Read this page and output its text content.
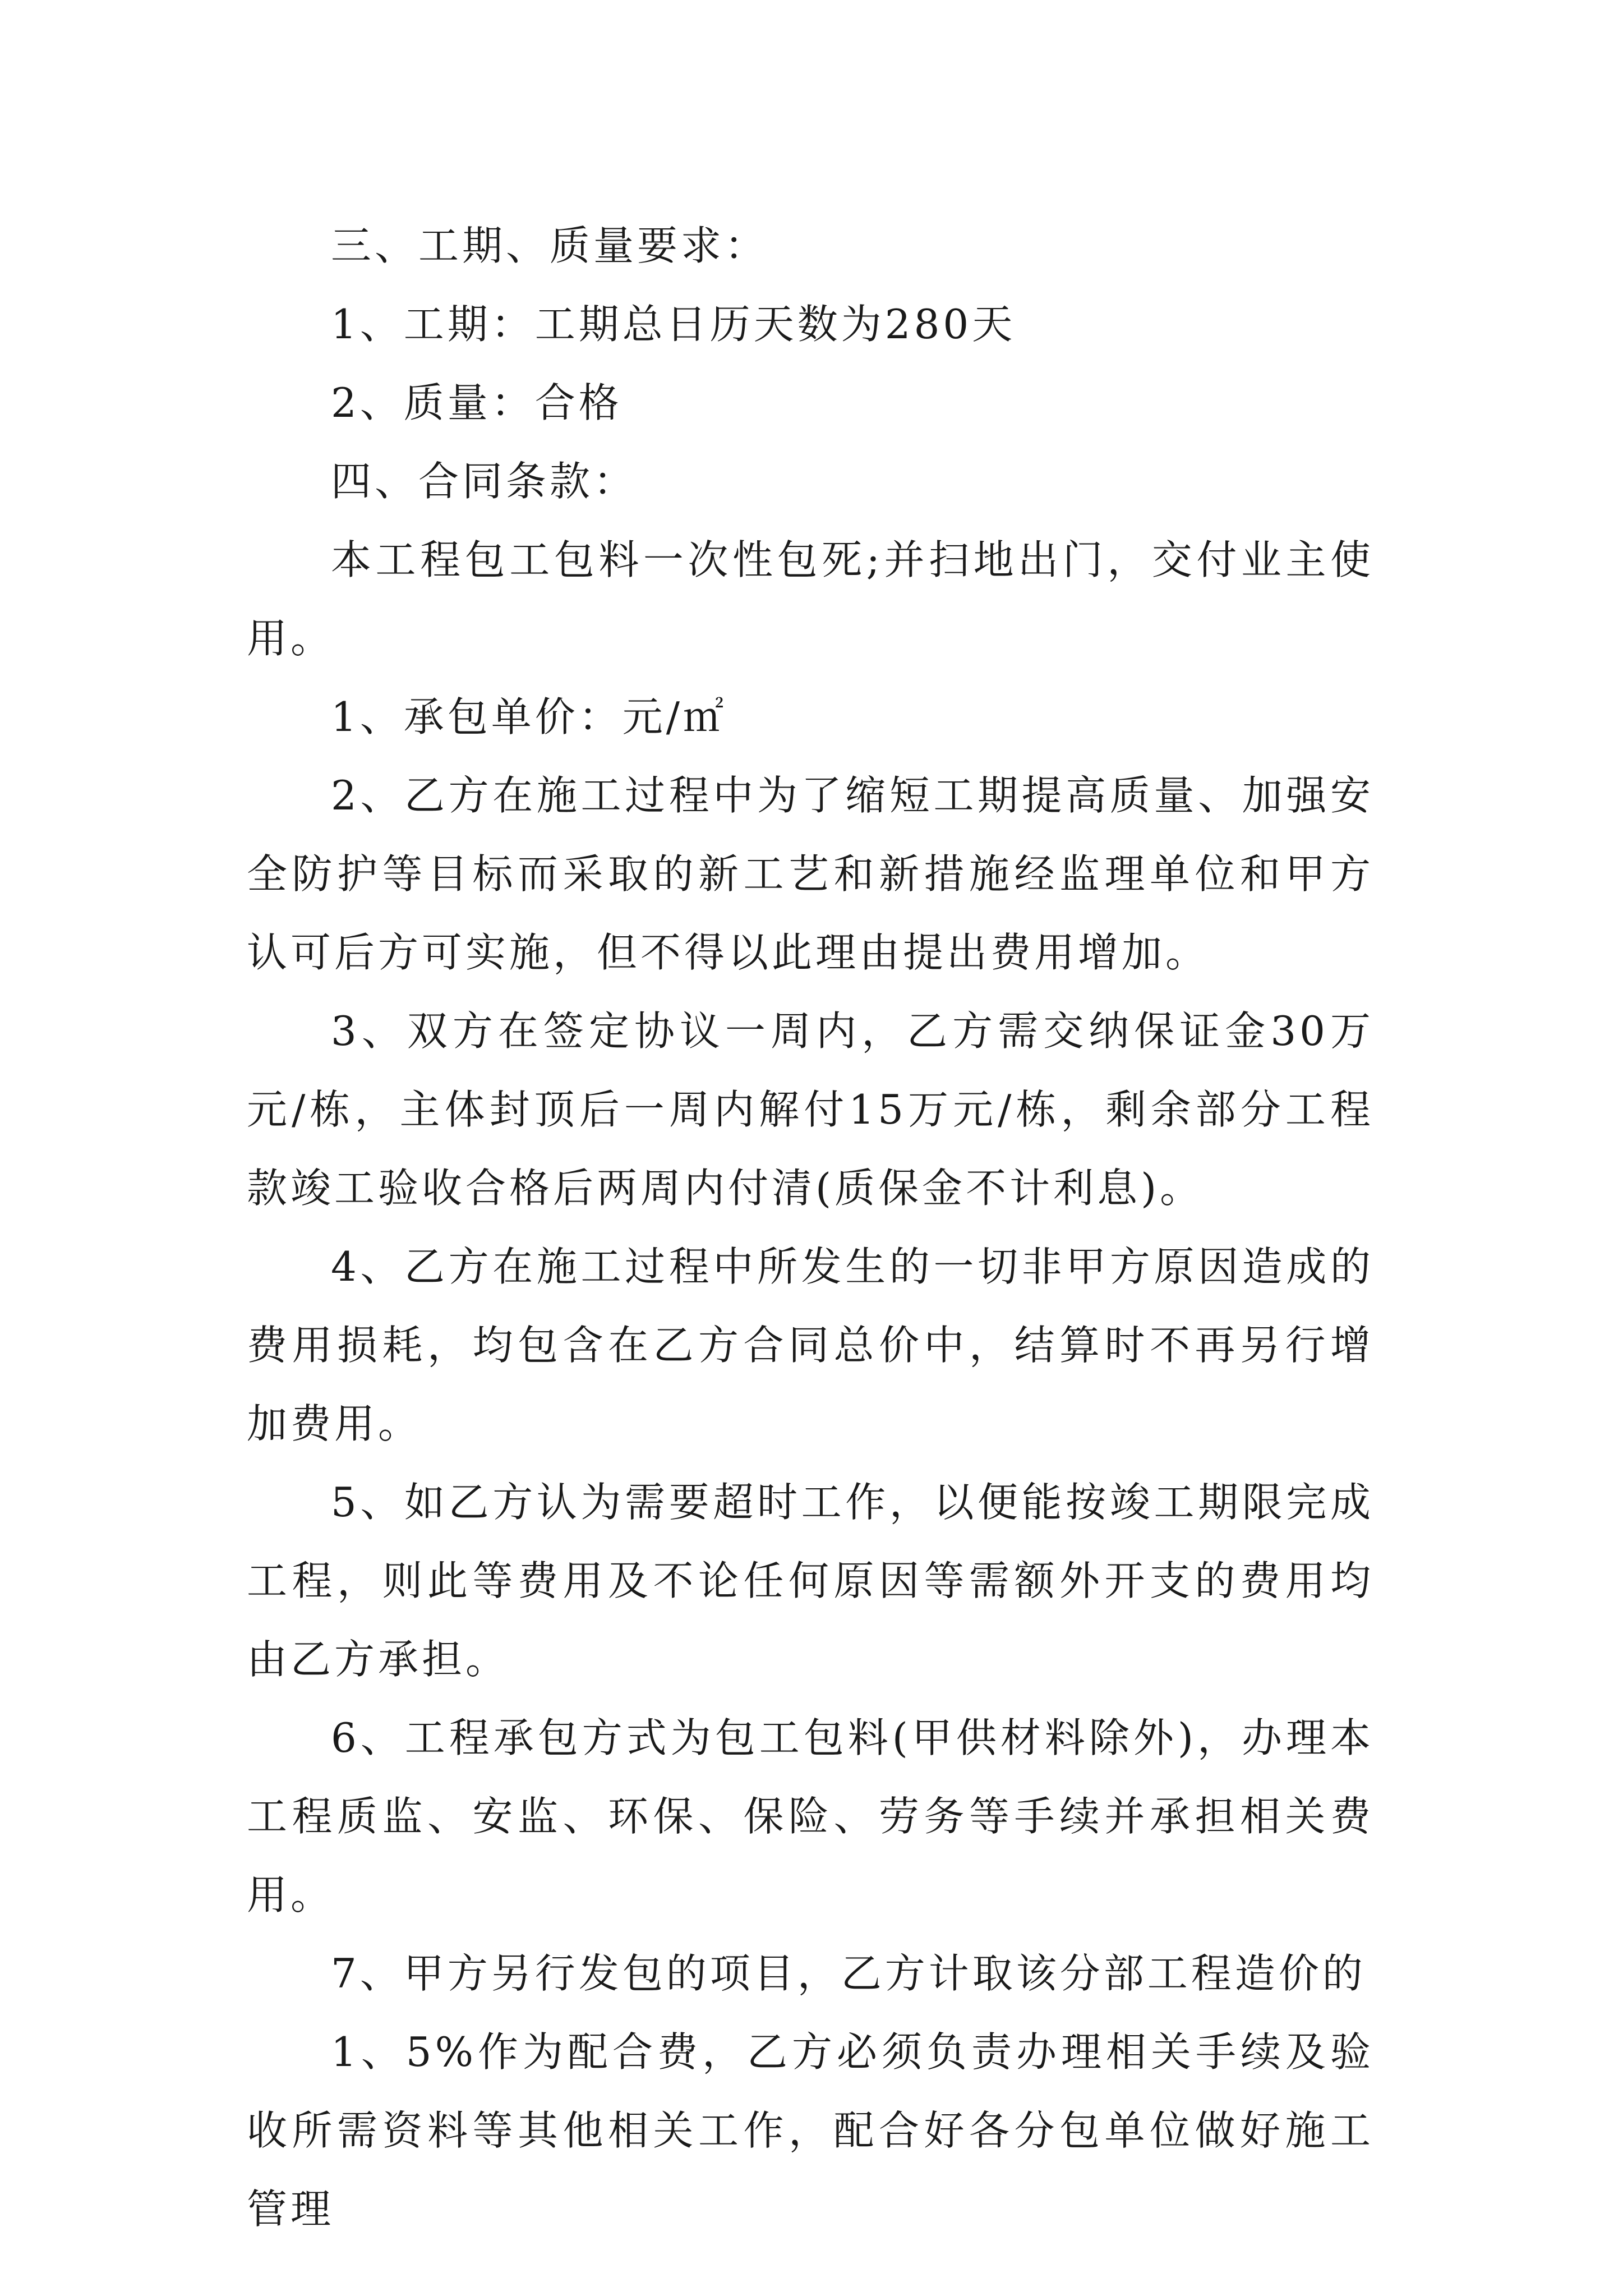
三、工期、质量要求：

1、工期：工期总日历天数为280天

2、质量：合格

四、合同条款：

本工程包工包料一次性包死;并扫地出门，交付业主使用。

1、承包单价：元/㎡

2、乙方在施工过程中为了缩短工期提高质量、加强安全防护等目标而采取的新工艺和新措施经监理单位和甲方认可后方可实施，但不得以此理由提出费用增加。

3、双方在签定协议一周内，乙方需交纳保证金30万元/栋，主体封顶后一周内解付15万元/栋，剩余部分工程款竣工验收合格后两周内付清(质保金不计利息)。

4、乙方在施工过程中所发生的一切非甲方原因造成的费用损耗，均包含在乙方合同总价中，结算时不再另行增加费用。

5、如乙方认为需要超时工作，以便能按竣工期限完成工程，则此等费用及不论任何原因等需额外开支的费用均由乙方承担。

6、工程承包方式为包工包料(甲供材料除外)，办理本工程质监、安监、环保、保险、劳务等手续并承担相关费用。

7、甲方另行发包的项目，乙方计取该分部工程造价的

1、5%作为配合费，乙方必须负责办理相关手续及验收所需资料等其他相关工作，配合好各分包单位做好施工管理
